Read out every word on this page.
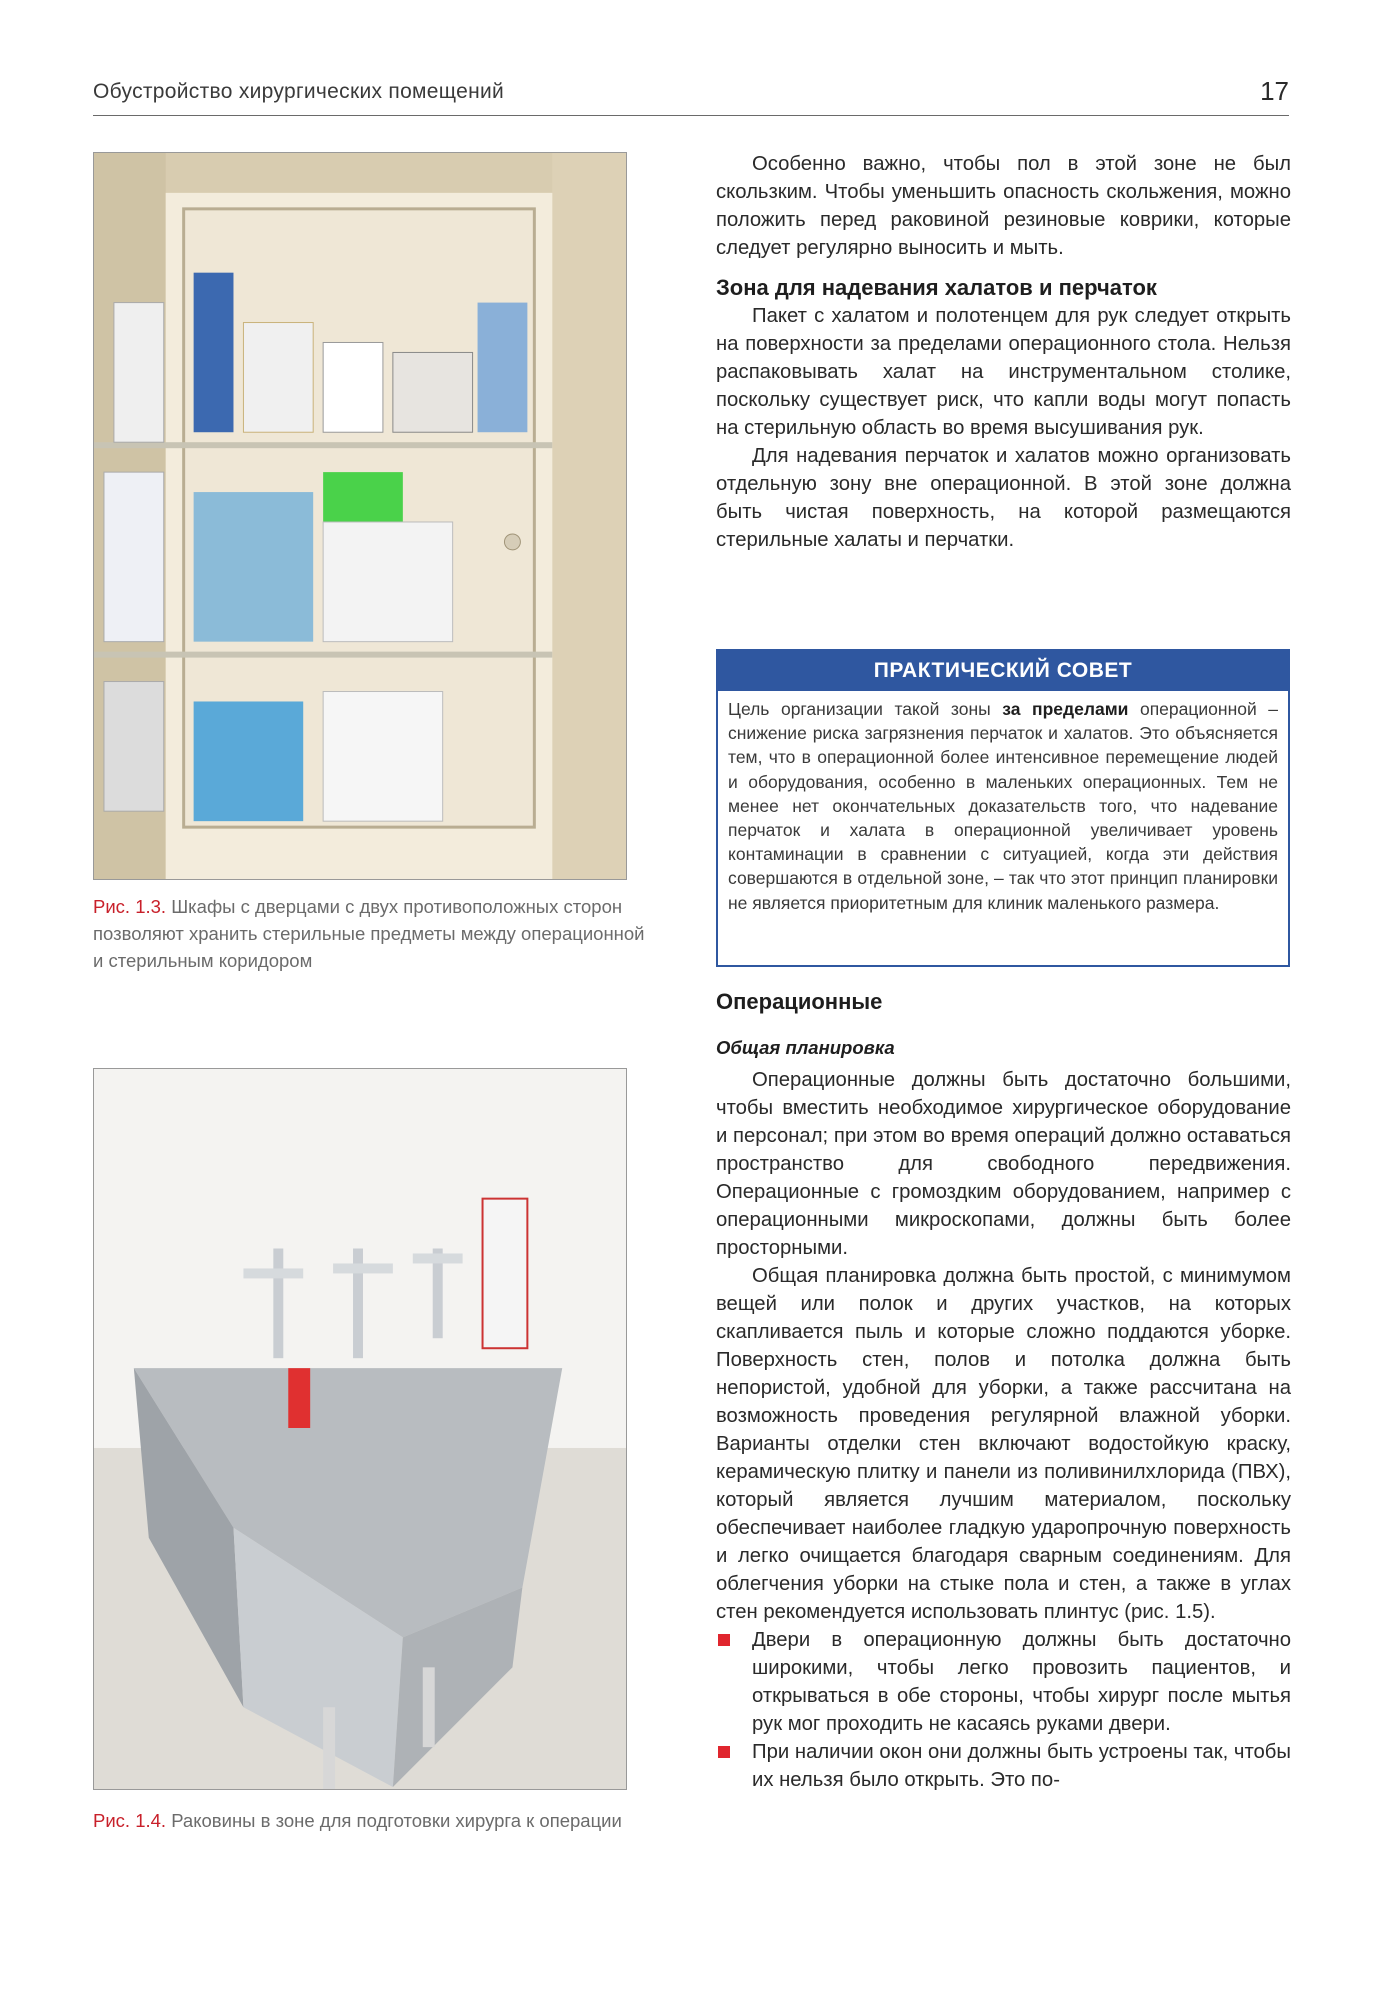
Обустройство хирургических помещений	17
Рис. 1.3. Шкафы с дверцами с двух противоположных сторон позволяют хранить стерильные предметы между операционной и стерильным коридором
Рис. 1.4. Раковины в зоне для подготовки хирурга к операции

Особенно важно, чтобы пол в этой зоне не был скользким. Чтобы уменьшить опасность скольжения, можно положить перед раковиной резиновые коврики, которые следует регулярно выносить и мыть.

Зона для надевания халатов и перчаток

Пакет с халатом и полотенцем для рук следует открыть на поверхности за пределами операционного стола. Нельзя распаковывать халат на инструментальном столике, поскольку существует риск, что капли воды могут попасть на стерильную область во время высушивания рук.

Для надевания перчаток и халатов можно организовать отдельную зону вне операционной. В этой зоне должна быть чистая поверхность, на которой размещаются стерильные халаты и перчатки.

ПРАКТИЧЕСКИЙ СОВЕТ
Цель организации такой зоны за пределами операционной – снижение риска загрязнения перчаток и халатов. Это объясняется тем, что в операционной более интенсивное перемещение людей и оборудования, особенно в маленьких операционных. Тем не менее нет окончательных доказательств того, что надевание перчаток и халата в операционной увеличивает уровень контаминации в сравнении с ситуацией, когда эти действия совершаются в отдельной зоне, – так что этот принцип планировки не является приоритетным для клиник маленького размера.
Операционные
Общая планировка

Операционные должны быть достаточно большими, чтобы вместить необходимое хирургическое оборудование и персонал; при этом во время операций должно оставаться пространство для свободного передвижения. Операционные с громоздким оборудованием, например с операционными микроскопами, должны быть более просторными.

Общая планировка должна быть простой, с минимумом вещей или полок и других участков, на которых скапливается пыль и которые сложно поддаются уборке. Поверхность стен, полов и потолка должна быть непористой, удобной для уборки, а также рассчитана на возможность проведения регулярной влажной уборки. Варианты отделки стен включают водостойкую краску, керамическую плитку и панели из поливинилхлорида (ПВХ), который является лучшим материалом, поскольку обеспечивает наиболее гладкую ударопрочную поверхность и легко очищается благодаря сварным соединениям. Для облегчения уборки на стыке пола и стен, а также в углах стен рекомендуется использовать плинтус (рис. 1.5).

Двери в операционную должны быть достаточно широкими, чтобы легко провозить пациентов, и открываться в обе стороны, чтобы хирург после мытья рук мог проходить не касаясь руками двери.
При наличии окон они должны быть устроены так, чтобы их нельзя было открыть. Это по-
